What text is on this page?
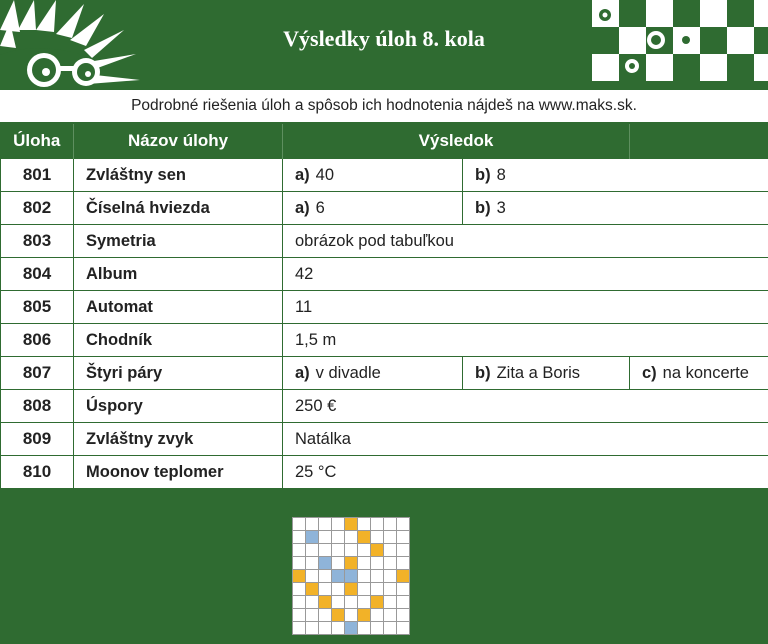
Výsledky úloh 8. kola
Podrobné riešenia úloh a spôsob ich hodnotenia nájdeš na www.maks.sk.
Úloha	Názov úlohy	Výsledok		
801	Zvláštny sen	a) 40	b) 8	
802	Číselná hviezda	a) 6	b) 3	
803	Symetria	obrázok pod tabuľkou		
804	Album	42		
805	Automat	11		
806	Chodník	1,5 m		
807	Štyri páry	a) v divadle	b) Zita a Boris	c) na koncerte
808	Úspory	250 €		
809	Zvláštny zvyk	Natálka		
810	Moonov teplomer	25 °C		
